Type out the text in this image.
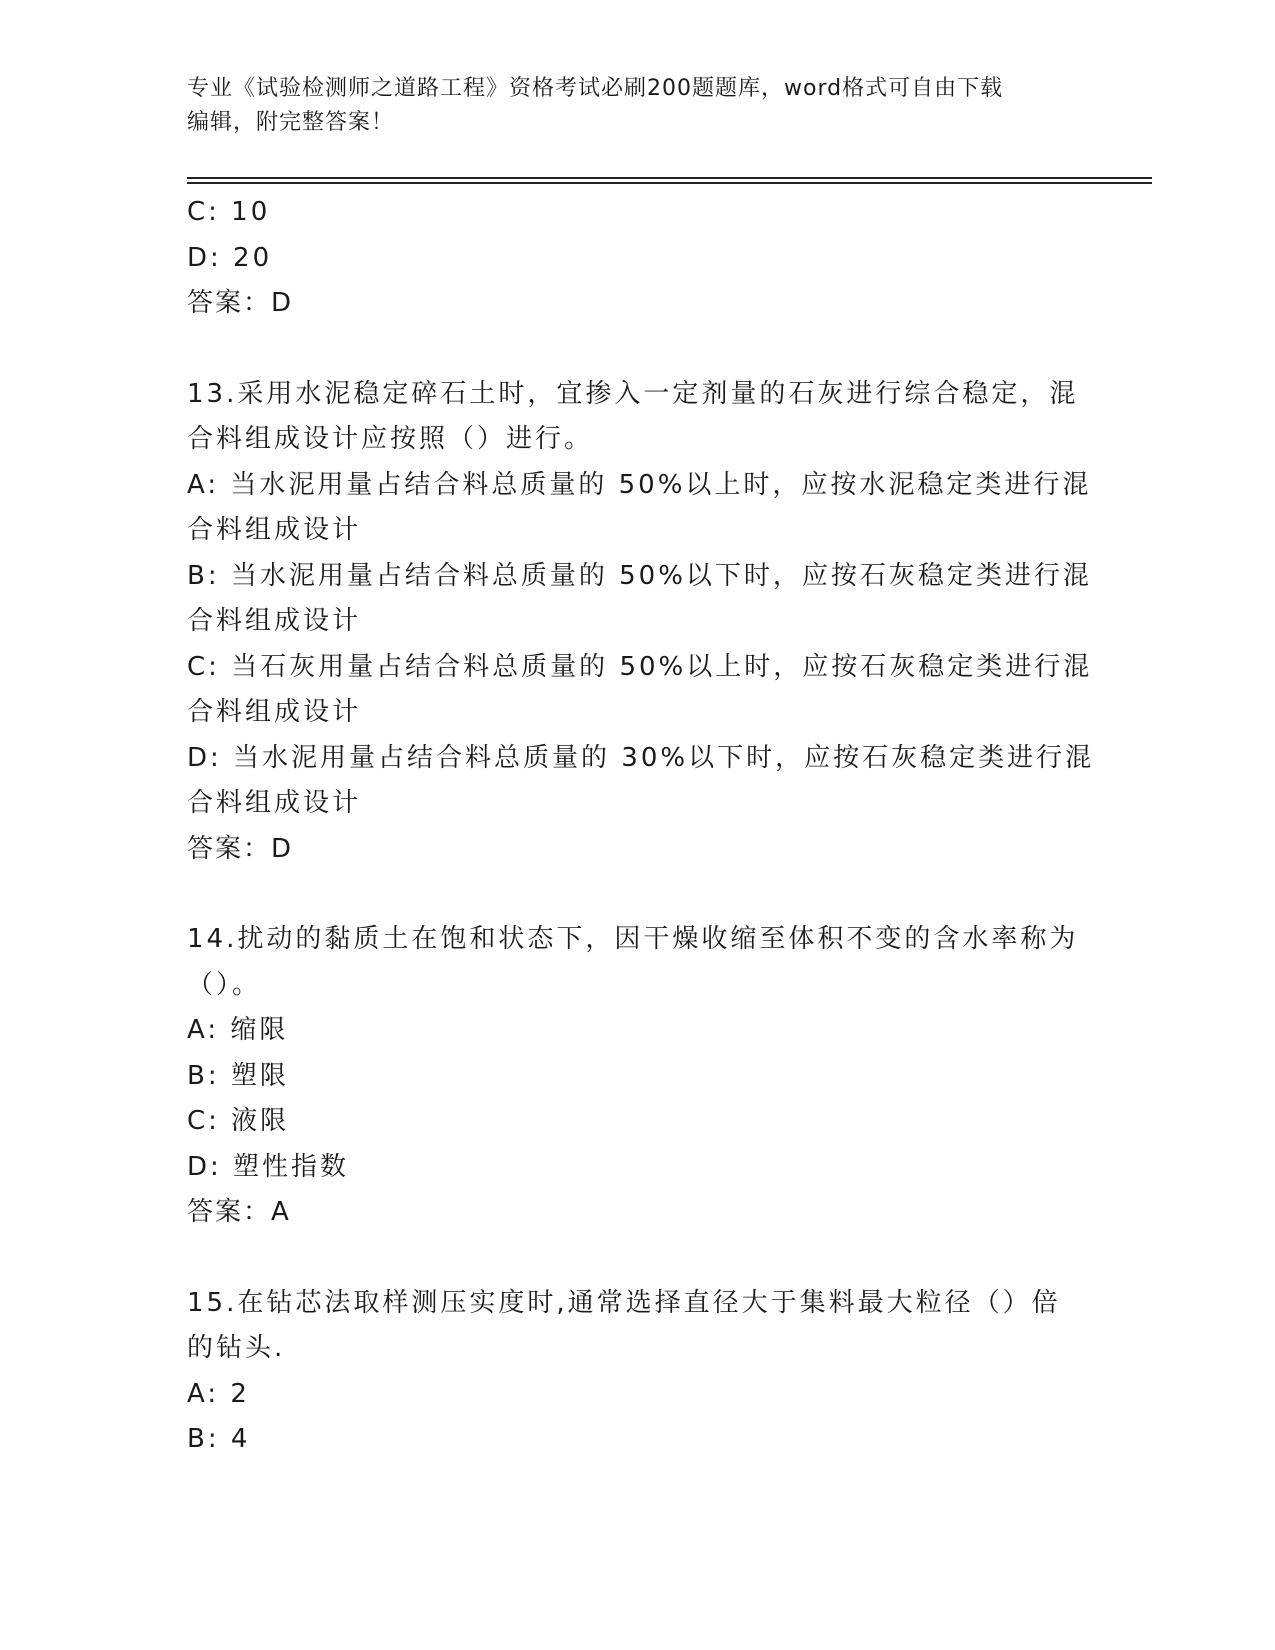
专业《试验检测师之道路工程》资格考试必刷200题题库，word格式可自由下载
编辑，附完整答案！
C: 10
D: 20
答案：D
13.采用水泥稳定碎石土时，宜掺入一定剂量的石灰进行综合稳定，混
合料组成设计应按照（）进行。
A: 当水泥用量占结合料总质量的 50%以上时，应按水泥稳定类进行混
合料组成设计
B: 当水泥用量占结合料总质量的 50%以下时，应按石灰稳定类进行混
合料组成设计
C: 当石灰用量占结合料总质量的 50%以上时，应按石灰稳定类进行混
合料组成设计
D: 当水泥用量占结合料总质量的 30%以下时，应按石灰稳定类进行混
合料组成设计
答案：D
14.扰动的黏质土在饱和状态下，因干燥收缩至体积不变的含水率称为
（）。
A: 缩限
B: 塑限
C: 液限
D: 塑性指数
答案：A
15.在钻芯法取样测压实度时,通常选择直径大于集料最大粒径（）倍
的钻头.
A: 2
B: 4
